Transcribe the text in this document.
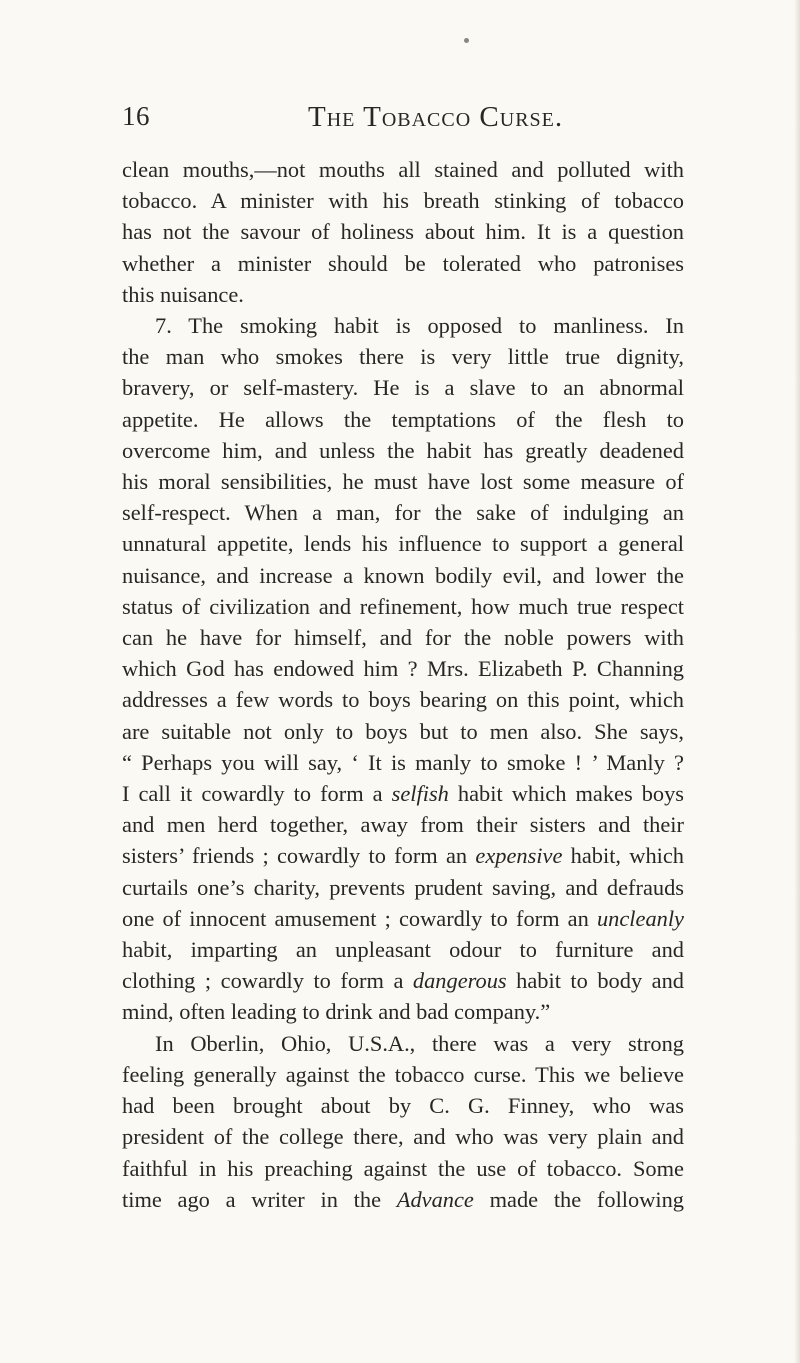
16	The Tobacco Curse.
clean mouths,—not mouths all stained and polluted with
tobacco. A minister with his breath stinking of tobacco
has not the savour of holiness about him. It is a question
whether a minister should be tolerated who patronises
this nuisance.
7. The smoking habit is opposed to manliness. In
the man who smokes there is very little true dignity,
bravery, or self-mastery. He is a slave to an abnormal
appetite. He allows the temptations of the flesh to
overcome him, and unless the habit has greatly deadened
his moral sensibilities, he must have lost some measure of
self-respect. When a man, for the sake of indulging an
unnatural appetite, lends his influence to support a general
nuisance, and increase a known bodily evil, and lower the
status of civilization and refinement, how much true respect
can he have for himself, and for the noble powers with
which God has endowed him ? Mrs. Elizabeth P. Channing
addresses a few words to boys bearing on this point, which
are suitable not only to boys but to men also. She says,
“ Perhaps you will say, ‘ It is manly to smoke ! ’ Manly ?
I call it cowardly to form a selfish habit which makes boys
and men herd together, away from their sisters and their
sisters’ friends ; cowardly to form an expensive habit, which
curtails one’s charity, prevents prudent saving, and defrauds
one of innocent amusement ; cowardly to form an uncleanly
habit, imparting an unpleasant odour to furniture and
clothing ; cowardly to form a dangerous habit to body and
mind, often leading to drink and bad company.”
In Oberlin, Ohio, U.S.A., there was a very strong
feeling generally against the tobacco curse. This we believe
had been brought about by C. G. Finney, who was
president of the college there, and who was very plain and
faithful in his preaching against the use of tobacco. Some
time ago a writer in the Advance made the following
